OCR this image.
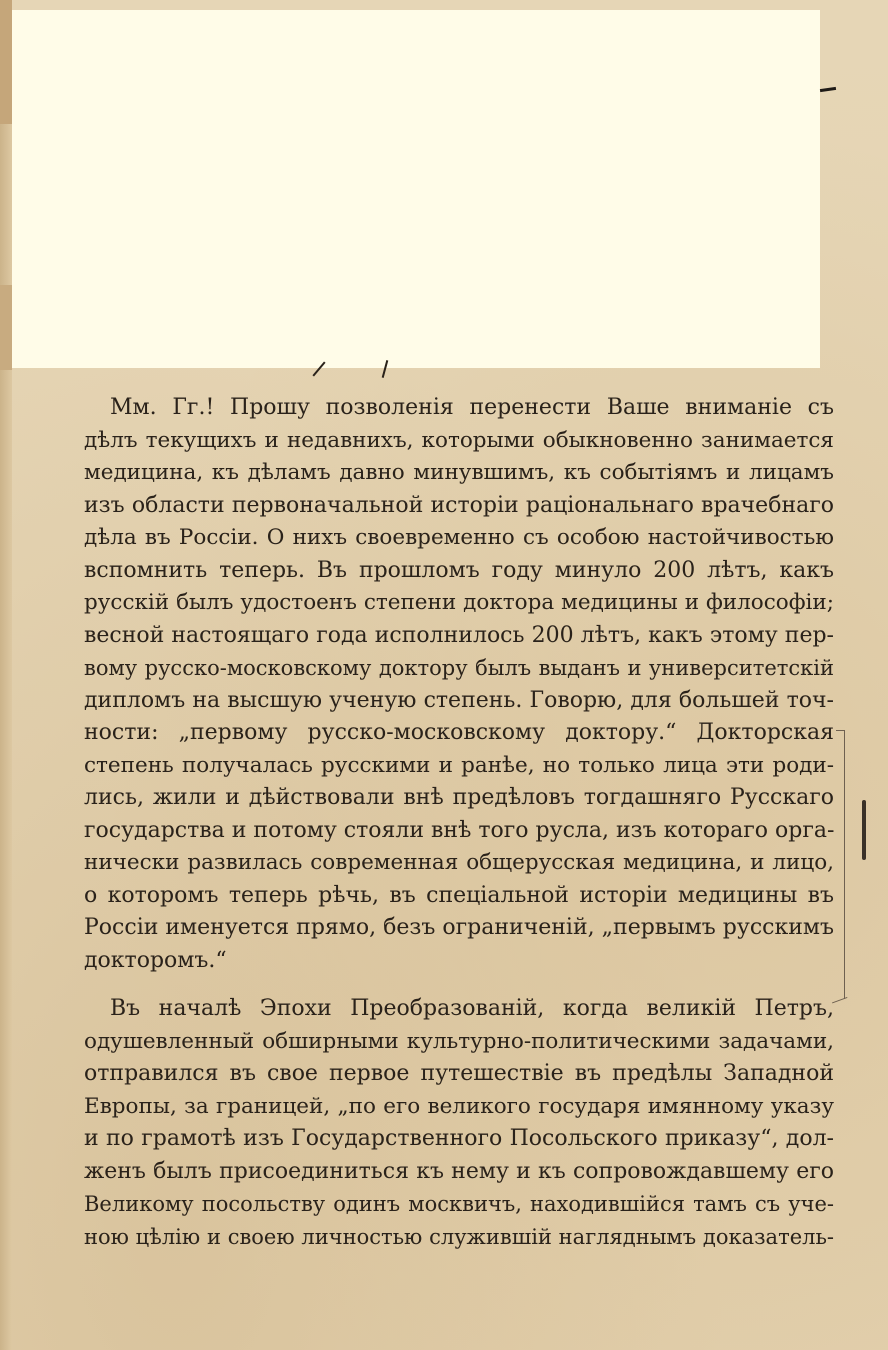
Мм. Гг.! Прошу позволенія перенести Ваше вниманіе съ
дѣлъ текущихъ и недавнихъ, которыми обыкновенно занимается
медицина, къ дѣламъ давно минувшимъ, къ событіямъ и лицамъ
изъ области первоначальной исторіи раціональнаго врачебнаго
дѣла въ Россіи. О нихъ своевременно съ особою настойчивостью
вспомнить теперь. Въ прошломъ году минуло 200 лѣтъ, какъ
русскій былъ удостоенъ степени доктора медицины и философіи;
весной настоящаго года исполнилось 200 лѣтъ, какъ этому пер-
вому русско-московскому доктору былъ выданъ и университетскій
дипломъ на высшую ученую степень. Говорю, для большей точ-
ности: „первому русско-московскому доктору.“ Докторская
степень получалась русскими и ранѣе, но только лица эти роди-
лись, жили и дѣйствовали внѣ предѣловъ тогдашняго Русскаго
государства и потому стояли внѣ того русла, изъ котораго орга-
нически развилась современная общерусская медицина, и лицо,
о которомъ теперь рѣчь, въ спеціальной исторіи медицины въ
Россіи именуется прямо, безъ ограниченій, „первымъ русскимъ
докторомъ.“
Въ началѣ Эпохи Преобразованій, когда великій Петръ,
одушевленный обширными культурно-политическими задачами,
отправился въ свое первое путешествіе въ предѣлы Западной
Европы, за границей, „по его великого государя имянному указу
и по грамотѣ изъ Государственного Посольского приказу“, дол-
женъ былъ присоединиться къ нему и къ сопровождавшему его
Великому посольству одинъ москвичъ, находившійся тамъ съ учe-
ною цѣлію и своею личностью служившій нагляднымъ доказатель-
